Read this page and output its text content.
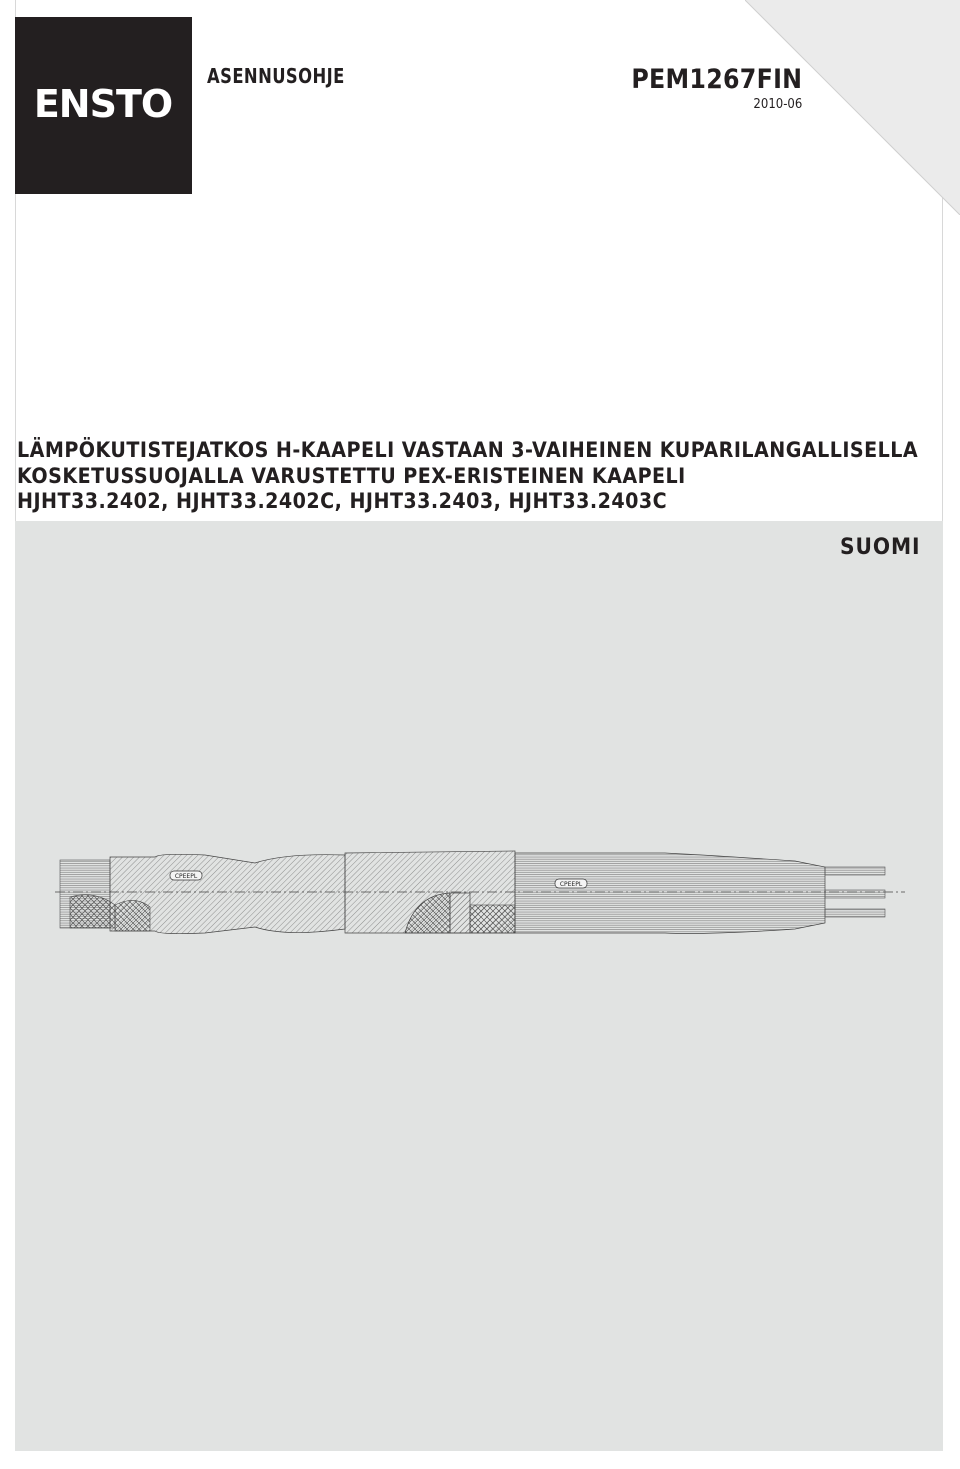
ENSTO
ASENNUSOHJE	PEM1267FIN
2010-06
LÄMPÖKUTISTEJATKOS H-KAAPELI VASTAAN 3-VAIHEINEN KUPARILANGALLISELLA
KOSKETUSSUOJALLA VARUSTETTU PEX-ERISTEINEN KAAPELI
HJHT33.2402, HJHT33.2402C, HJHT33.2403, HJHT33.2403C
SUOMI
CPEEPL
CPEEPL
